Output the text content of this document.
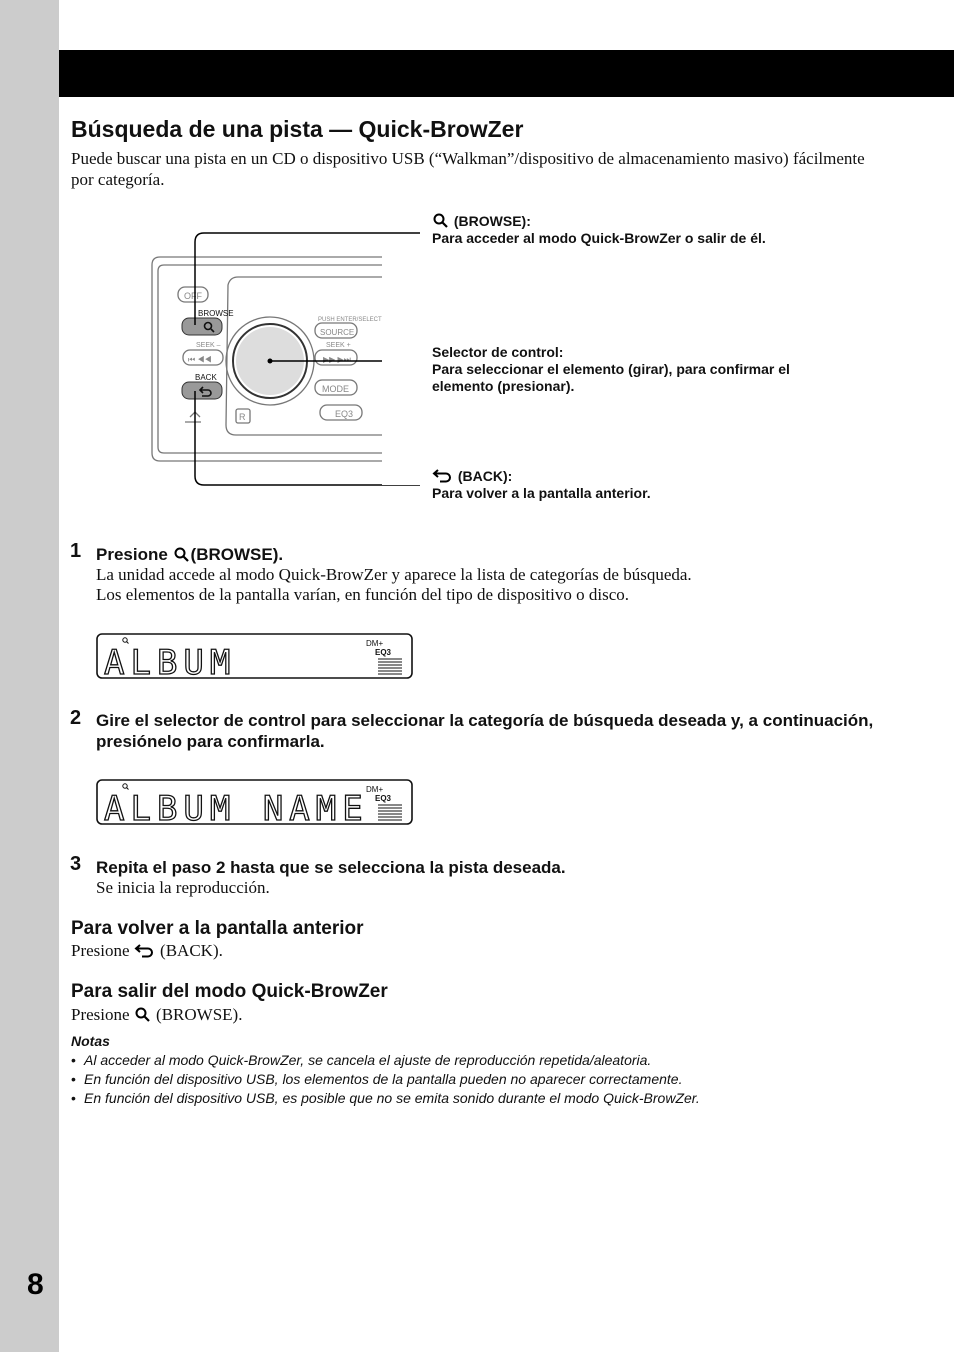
8
Búsqueda de una pista — Quick-BrowZer

Puede buscar una pista en un CD o dispositivo USB (“Walkman”/dispositivo de almacenamiento masivo) fácilmente por categoría.

OFF
BROWSE
SEEK –
⏮ ◀◀
BACK
PUSH ENTER/SELECT
SOURCE
SEEK +
▶▶ ▶⏭
MODE
EQ3
R
(BROWSE):
Para acceder al modo Quick-BrowZer o salir de él.
Selector de control:
Para seleccionar el elemento (girar), para confirmar el elemento (presionar).
(BACK):
Para volver a la pantalla anterior.
1 Presione (BROWSE).
La unidad accede al modo Quick-BrowZer y aparece la lista de categorías de búsqueda.
Los elementos de la pantalla varían, en función del tipo de dispositivo o disco.
ALBUM	DM+
EQ3
2 Gire el selector de control para seleccionar la categoría de búsqueda deseada y, a continuación, presiónelo para confirmarla.
ALBUM NAME
DM+
EQ3
3 Repita el paso 2 hasta que se selecciona la pista deseada.
Se inicia la reproducción.
Para volver a la pantalla anterior
Presione (BACK).
Para salir del modo Quick-BrowZer
Presione (BROWSE).
Notas
• Al acceder al modo Quick-BrowZer, se cancela el ajuste de reproducción repetida/aleatoria.
• En función del dispositivo USB, los elementos de la pantalla pueden no aparecer correctamente.
• En función del dispositivo USB, es posible que no se emita sonido durante el modo Quick-BrowZer.
